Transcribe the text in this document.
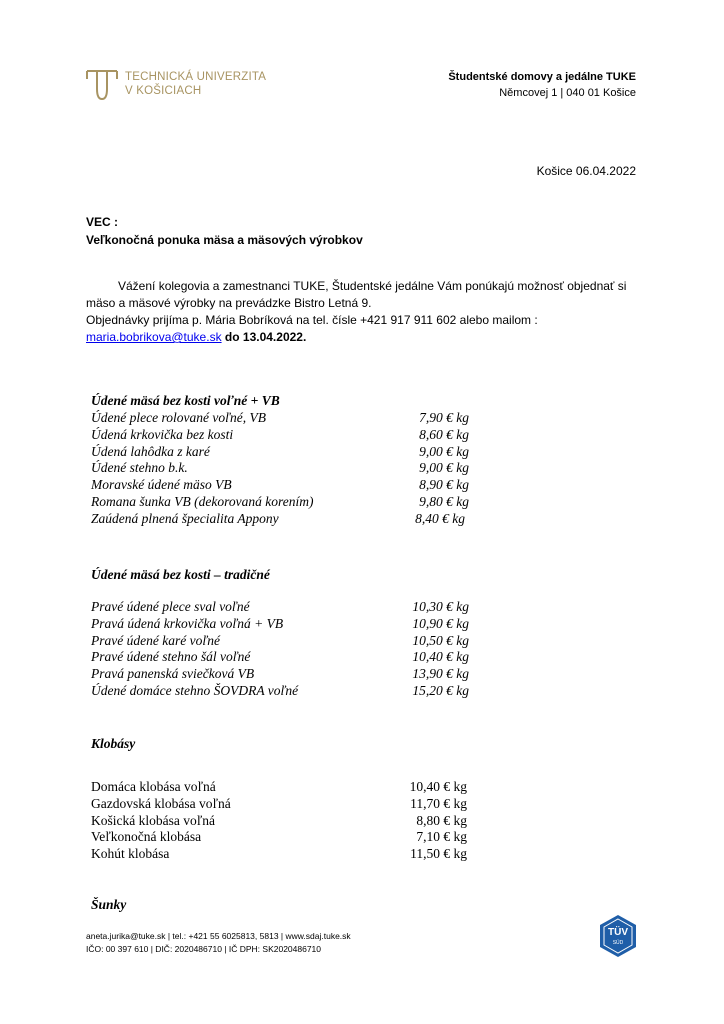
TECHNICKÁ UNIVERZITA
V KOŠICIACH
Študentské domovy a jedálne TUKE
Němcovej 1 | 040 01 Košice
Košice 06.04.2022
VEC :
Veľkonočná ponuka mäsa a mäsových výrobkov
Vážení kolegovia a zamestnanci TUKE, Študentské jedálne Vám ponúkajú možnosť objednať si mäso a mäsové výrobky na prevádzke Bistro Letná 9.
Objednávky prijíma p. Mária Bobríková na tel. čísle +421 917 911 602 alebo mailom :
maria.bobrikova@tuke.sk do 13.04.2022.
Údené mäsá bez kosti voľné + VB
Údené plece rolované voľné, VB	7,90 € kg
Údená krkovička bez kosti	8,60 € kg
Údená lahôdka z karé	9,00 € kg
Údené stehno b.k.	9,00 € kg
Moravské údené mäso VB	8,90 € kg
Romana šunka VB (dekorovaná korením)	9,80 € kg
Zaúdená plnená špecialita Appony	8,40 € kg
Údené mäsá bez kosti – tradičné
Pravé údené plece sval voľné	10,30 € kg
Pravá údená krkovička voľná + VB	10,90 € kg
Pravé údené karé voľné	10,50 € kg
Pravé údené stehno šál voľné	10,40 € kg
Pravá panenská sviečková VB	13,90 € kg
Údené domáce stehno ŠOVDRA voľné	15,20 € kg
Klobásy
Domáca klobása voľná	10,40 € kg
Gazdovská klobása voľná	11,70 € kg
Košická klobása voľná	8,80 € kg
Veľkonočná klobása	7,10 € kg
Kohút klobása	11,50 € kg
Šunky
aneta.jurika@tuke.sk | tel.: +421 55 6025813, 5813 | www.sdaj.tuke.sk
IČO: 00 397 610 | DIČ: 2020486710 | IČ DPH: SK2020486710
TÜV
SÜD
